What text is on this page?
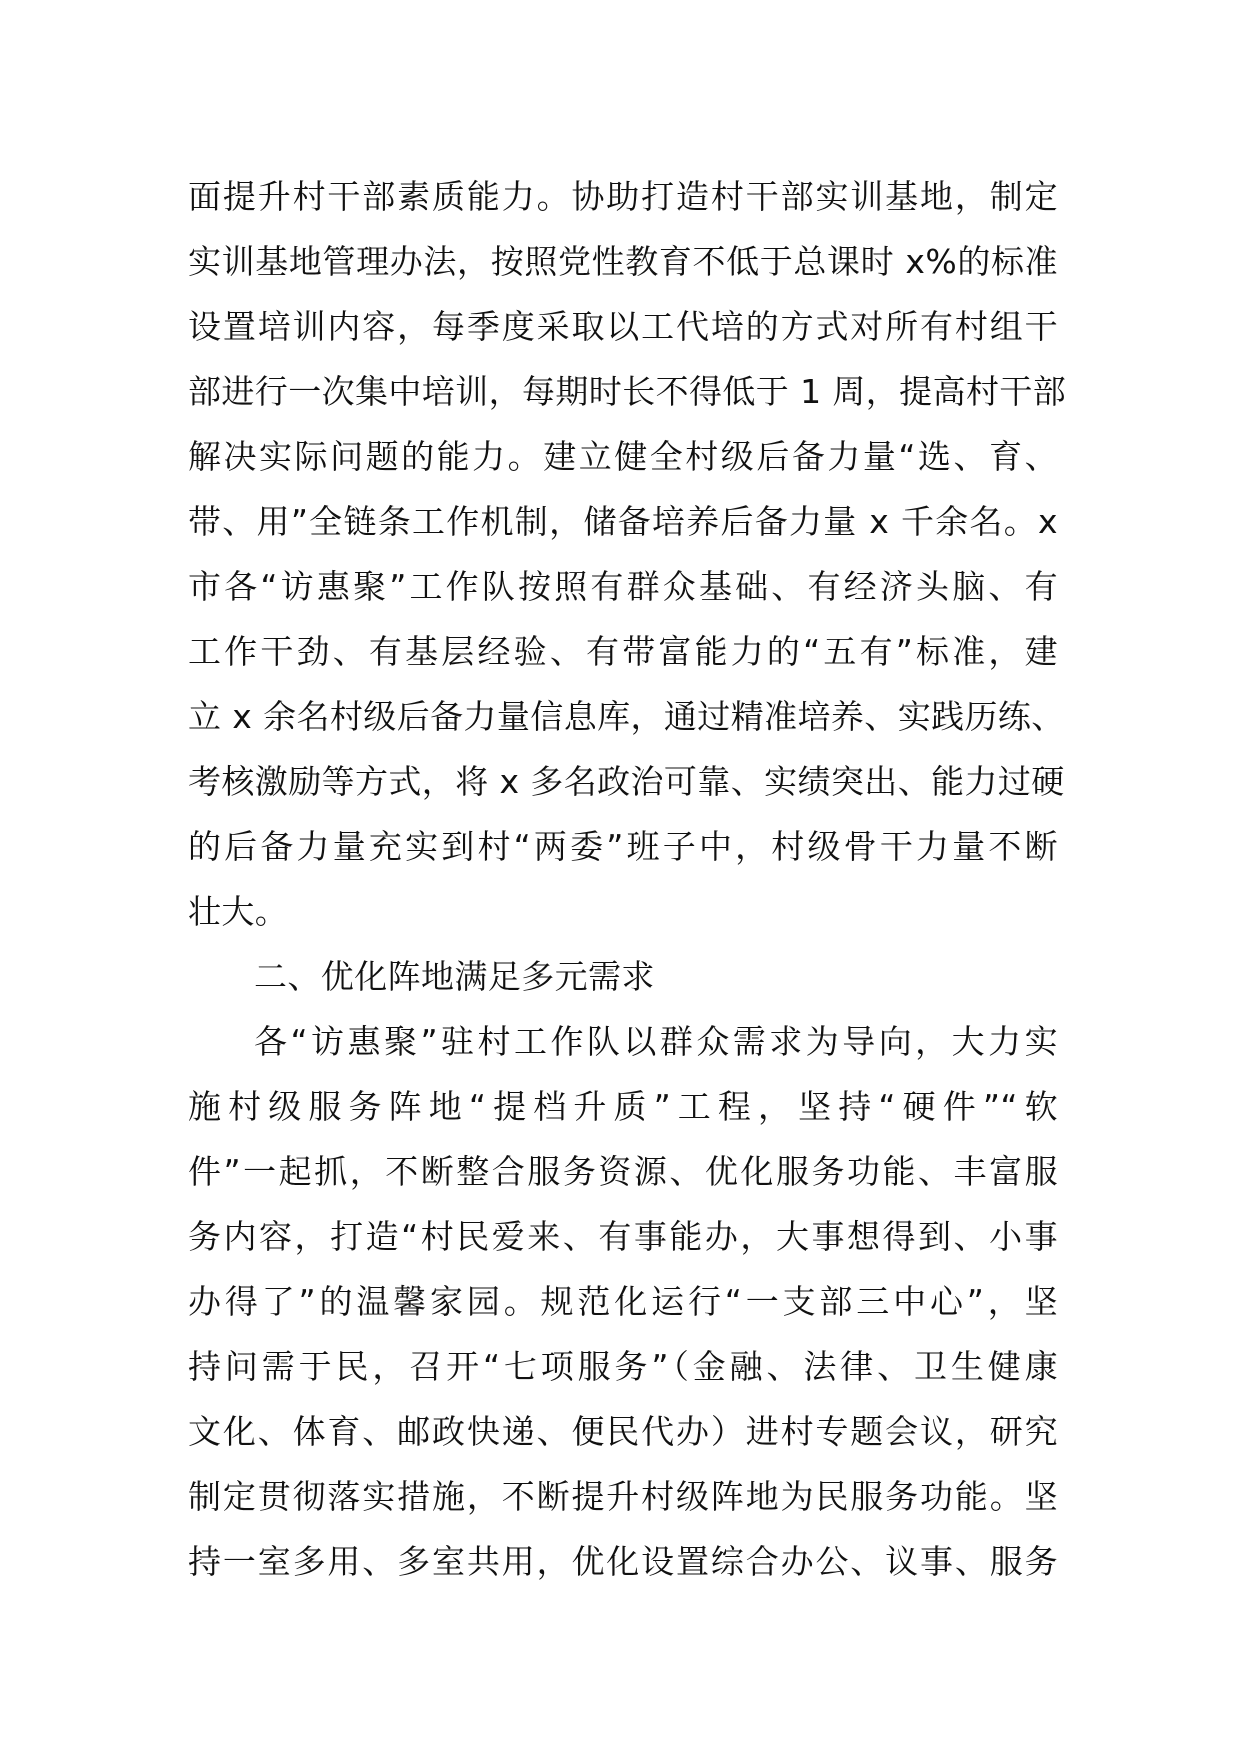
面提升村干部素质能力。协助打造村干部实训基地，制定
实训基地管理办法，按照党性教育不低于总课时 x%的标准
设置培训内容，每季度采取以工代培的方式对所有村组干
部进行一次集中培训，每期时长不得低于 1 周，提高村干部
解决实际问题的能力。建立健全村级后备力量“选、育、
带、用”全链条工作机制，储备培养后备力量 x 千余名。x
市各“访惠聚”工作队按照有群众基础、有经济头脑、有
工作干劲、有基层经验、有带富能力的“五有”标准，建
立 x 余名村级后备力量信息库，通过精准培养、实践历练、
考核激励等方式，将 x 多名政治可靠、实绩突出、能力过硬
的后备力量充实到村“两委”班子中，村级骨干力量不断
壮大。
二、优化阵地满足多元需求
各“访惠聚”驻村工作队以群众需求为导向，大力实
施村级服务阵地“提档升质”工程，坚持“硬件”“软
件”一起抓，不断整合服务资源、优化服务功能、丰富服
务内容，打造“村民爱来、有事能办，大事想得到、小事
办得了”的温馨家园。规范化运行“一支部三中心”，坚
持问需于民，召开“七项服务”（金融、法律、卫生健康
文化、体育、邮政快递、便民代办）进村专题会议，研究
制定贯彻落实措施，不断提升村级阵地为民服务功能。坚
持一室多用、多室共用，优化设置综合办公、议事、服务
